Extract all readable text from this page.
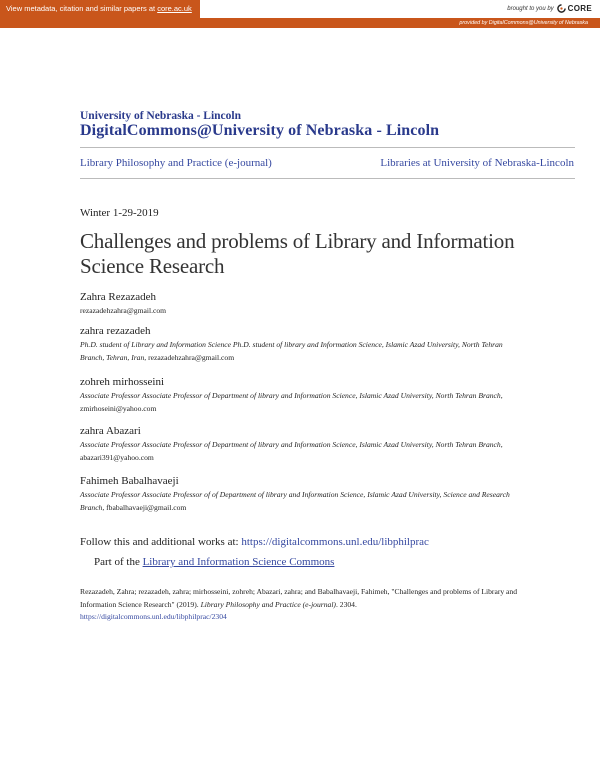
View metadata, citation and similar papers at core.ac.uk	brought to you by CORE
provided by DigitalCommons@University of Nebraska
University of Nebraska - Lincoln
DigitalCommons@University of Nebraska - Lincoln
Library Philosophy and Practice (e-journal)	Libraries at University of Nebraska-Lincoln
Winter 1-29-2019
Challenges and problems of Library and Information Science Research
Zahra Rezazadeh
rezazadehzahra@gmail.com
zahra rezazadeh
Ph.D. student of Library and Information Science Ph.D. student of library and Information Science, Islamic Azad University, North Tehran Branch, Tehran, Iran, rezazadehzahra@gmail.com
zohreh mirhosseini
Associate Professor Associate Professor of Department of library and Information Science, Islamic Azad University, North Tehran Branch, zmirhoseini@yahoo.com
zahra Abazari
Associate Professor Associate Professor of Department of library and Information Science, Islamic Azad University, North Tehran Branch, abazari391@yahoo.com
Fahimeh Babalhavaeji
Associate Professor Associate Professor of of Department of library and Information Science, Islamic Azad University, Science and Research Branch, fbabalhavaeji@gmail.com
Follow this and additional works at: https://digitalcommons.unl.edu/libphilprac
Part of the Library and Information Science Commons
Rezazadeh, Zahra; rezazadeh, zahra; mirhosseini, zohreh; Abazari, zahra; and Babalhavaeji, Fahimeh, "Challenges and problems of Library and Information Science Research" (2019). Library Philosophy and Practice (e-journal). 2304.
https://digitalcommons.unl.edu/libphilprac/2304
